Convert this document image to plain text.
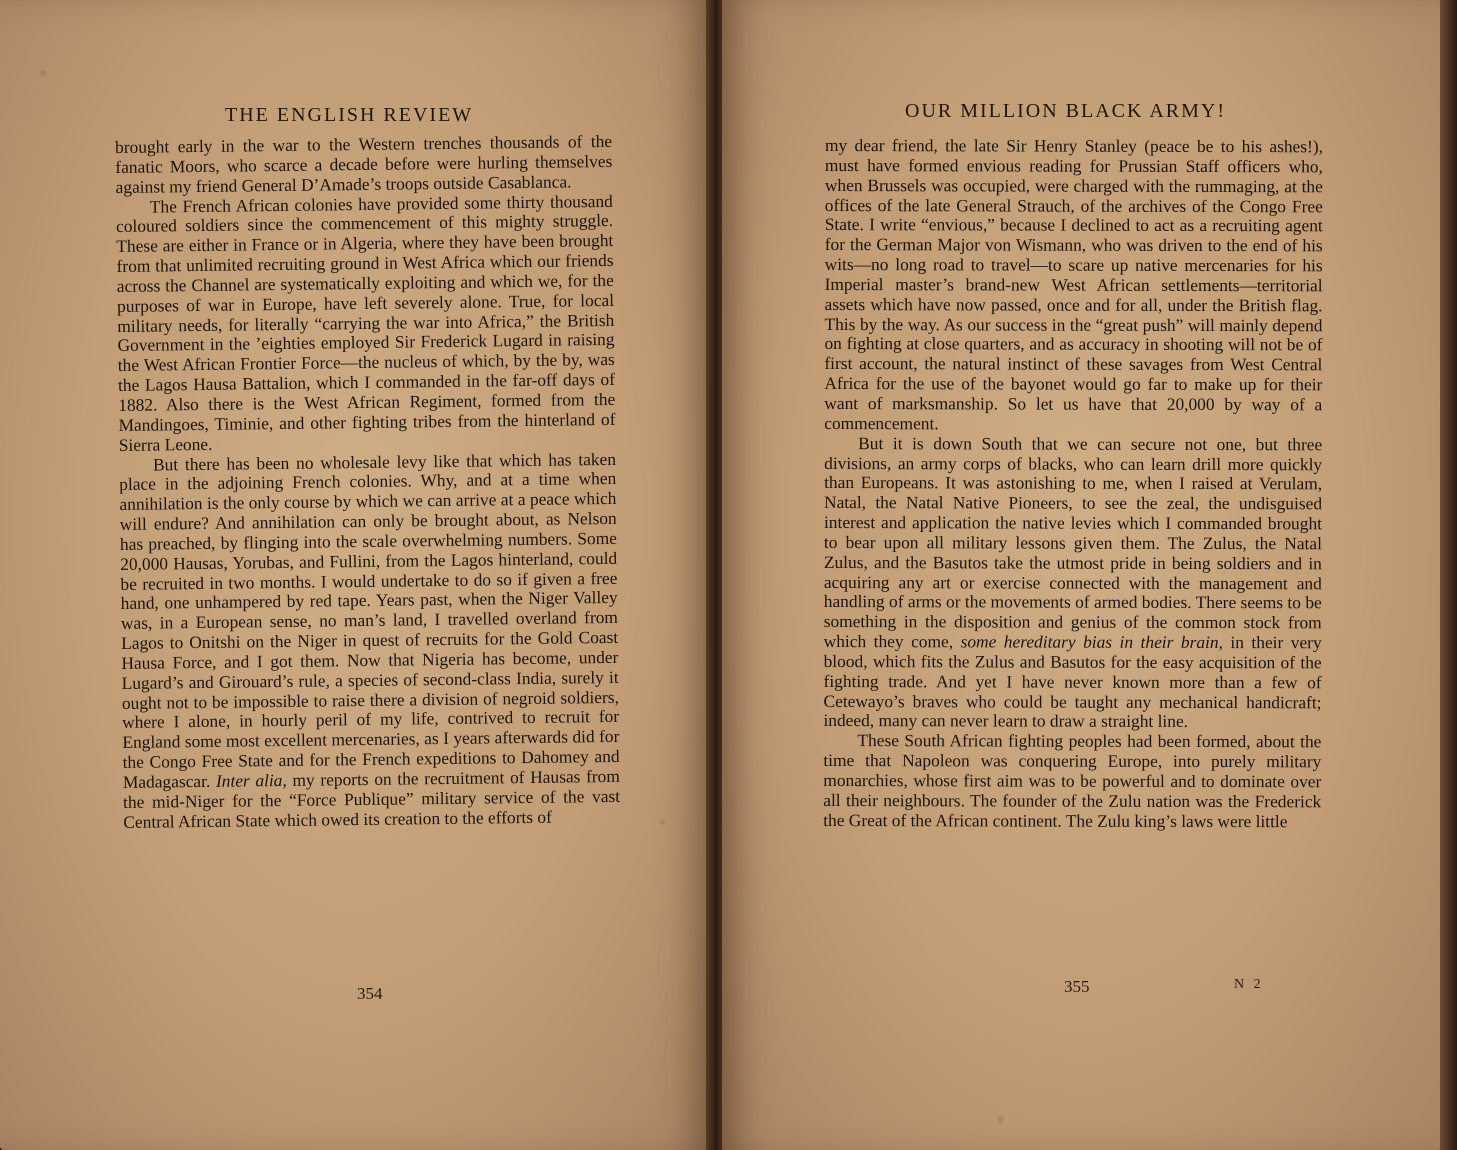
THE ENGLISH REVIEW

brought early in the war to the Western trenches thousands of the fanatic Moors, who scarce a decade before were hurling themselves against my friend General D’Amade’s troops outside Casablanca.

The French African colonies have provided some thirty thousand coloured soldiers since the commencement of this mighty struggle. These are either in France or in Algeria, where they have been brought from that unlimited recruiting ground in West Africa which our friends across the Channel are systematically exploiting and which we, for the purposes of war in Europe, have left severely alone. True, for local military needs, for literally “carrying the war into Africa,” the British Government in the ’eighties employed Sir Frederick Lugard in raising the West African Frontier Force—the nucleus of which, by the by, was the Lagos Hausa Battalion, which I commanded in the far-off days of 1882. Also there is the West African Regiment, formed from the Mandingoes, Timinie, and other fighting tribes from the hinterland of Sierra Leone.

But there has been no wholesale levy like that which has taken place in the adjoining French colonies. Why, and at a time when annihilation is the only course by which we can arrive at a peace which will endure? And annihilation can only be brought about, as Nelson has preached, by flinging into the scale overwhelming numbers. Some 20,000 Hausas, Yorubas, and Fullini, from the Lagos hinterland, could be recruited in two months. I would undertake to do so if given a free hand, one unhampered by red tape. Years past, when the Niger Valley was, in a European sense, no man’s land, I travelled overland from Lagos to Onitshi on the Niger in quest of recruits for the Gold Coast Hausa Force, and I got them. Now that Nigeria has become, under Lugard’s and Girouard’s rule, a species of second-class India, surely it ought not to be impossible to raise there a division of negroid soldiers, where I alone, in hourly peril of my life, contrived to recruit for England some most excellent mercenaries, as I years afterwards did for the Congo Free State and for the French expeditions to Dahomey and Madagascar. Inter alia, my reports on the recruitment of Hausas from the mid-Niger for the “Force Publique” military service of the vast Central African State which owed its creation to the efforts of

354
OUR MILLION BLACK ARMY!

my dear friend, the late Sir Henry Stanley (peace be to his ashes!), must have formed envious reading for Prussian Staff officers who, when Brussels was occupied, were charged with the rummaging, at the offices of the late General Strauch, of the archives of the Congo Free State. I write “envious,” because I declined to act as a recruiting agent for the German Major von Wismann, who was driven to the end of his wits—no long road to travel—to scare up native mercenaries for his Imperial master’s brand-new West African settlements—territorial assets which have now passed, once and for all, under the British flag. This by the way. As our success in the “great push” will mainly depend on fighting at close quarters, and as accuracy in shooting will not be of first account, the natural instinct of these savages from West Central Africa for the use of the bayonet would go far to make up for their want of marksmanship. So let us have that 20,000 by way of a commencement.

But it is down South that we can secure not one, but three divisions, an army corps of blacks, who can learn drill more quickly than Europeans. It was astonishing to me, when I raised at Verulam, Natal, the Natal Native Pioneers, to see the zeal, the undisguised interest and application the native levies which I commanded brought to bear upon all military lessons given them. The Zulus, the Natal Zulus, and the Basutos take the utmost pride in being soldiers and in acquiring any art or exercise connected with the management and handling of arms or the movements of armed bodies. There seems to be something in the disposition and genius of the common stock from which they come, some hereditary bias in their brain, in their very blood, which fits the Zulus and Basutos for the easy acquisition of the fighting trade. And yet I have never known more than a few of Cetewayo’s braves who could be taught any mechanical handicraft; indeed, many can never learn to draw a straight line.

These South African fighting peoples had been formed, about the time that Napoleon was conquering Europe, into purely military monarchies, whose first aim was to be powerful and to dominate over all their neighbours. The founder of the Zulu nation was the Frederick the Great of the African continent. The Zulu king’s laws were little

355	N 2
